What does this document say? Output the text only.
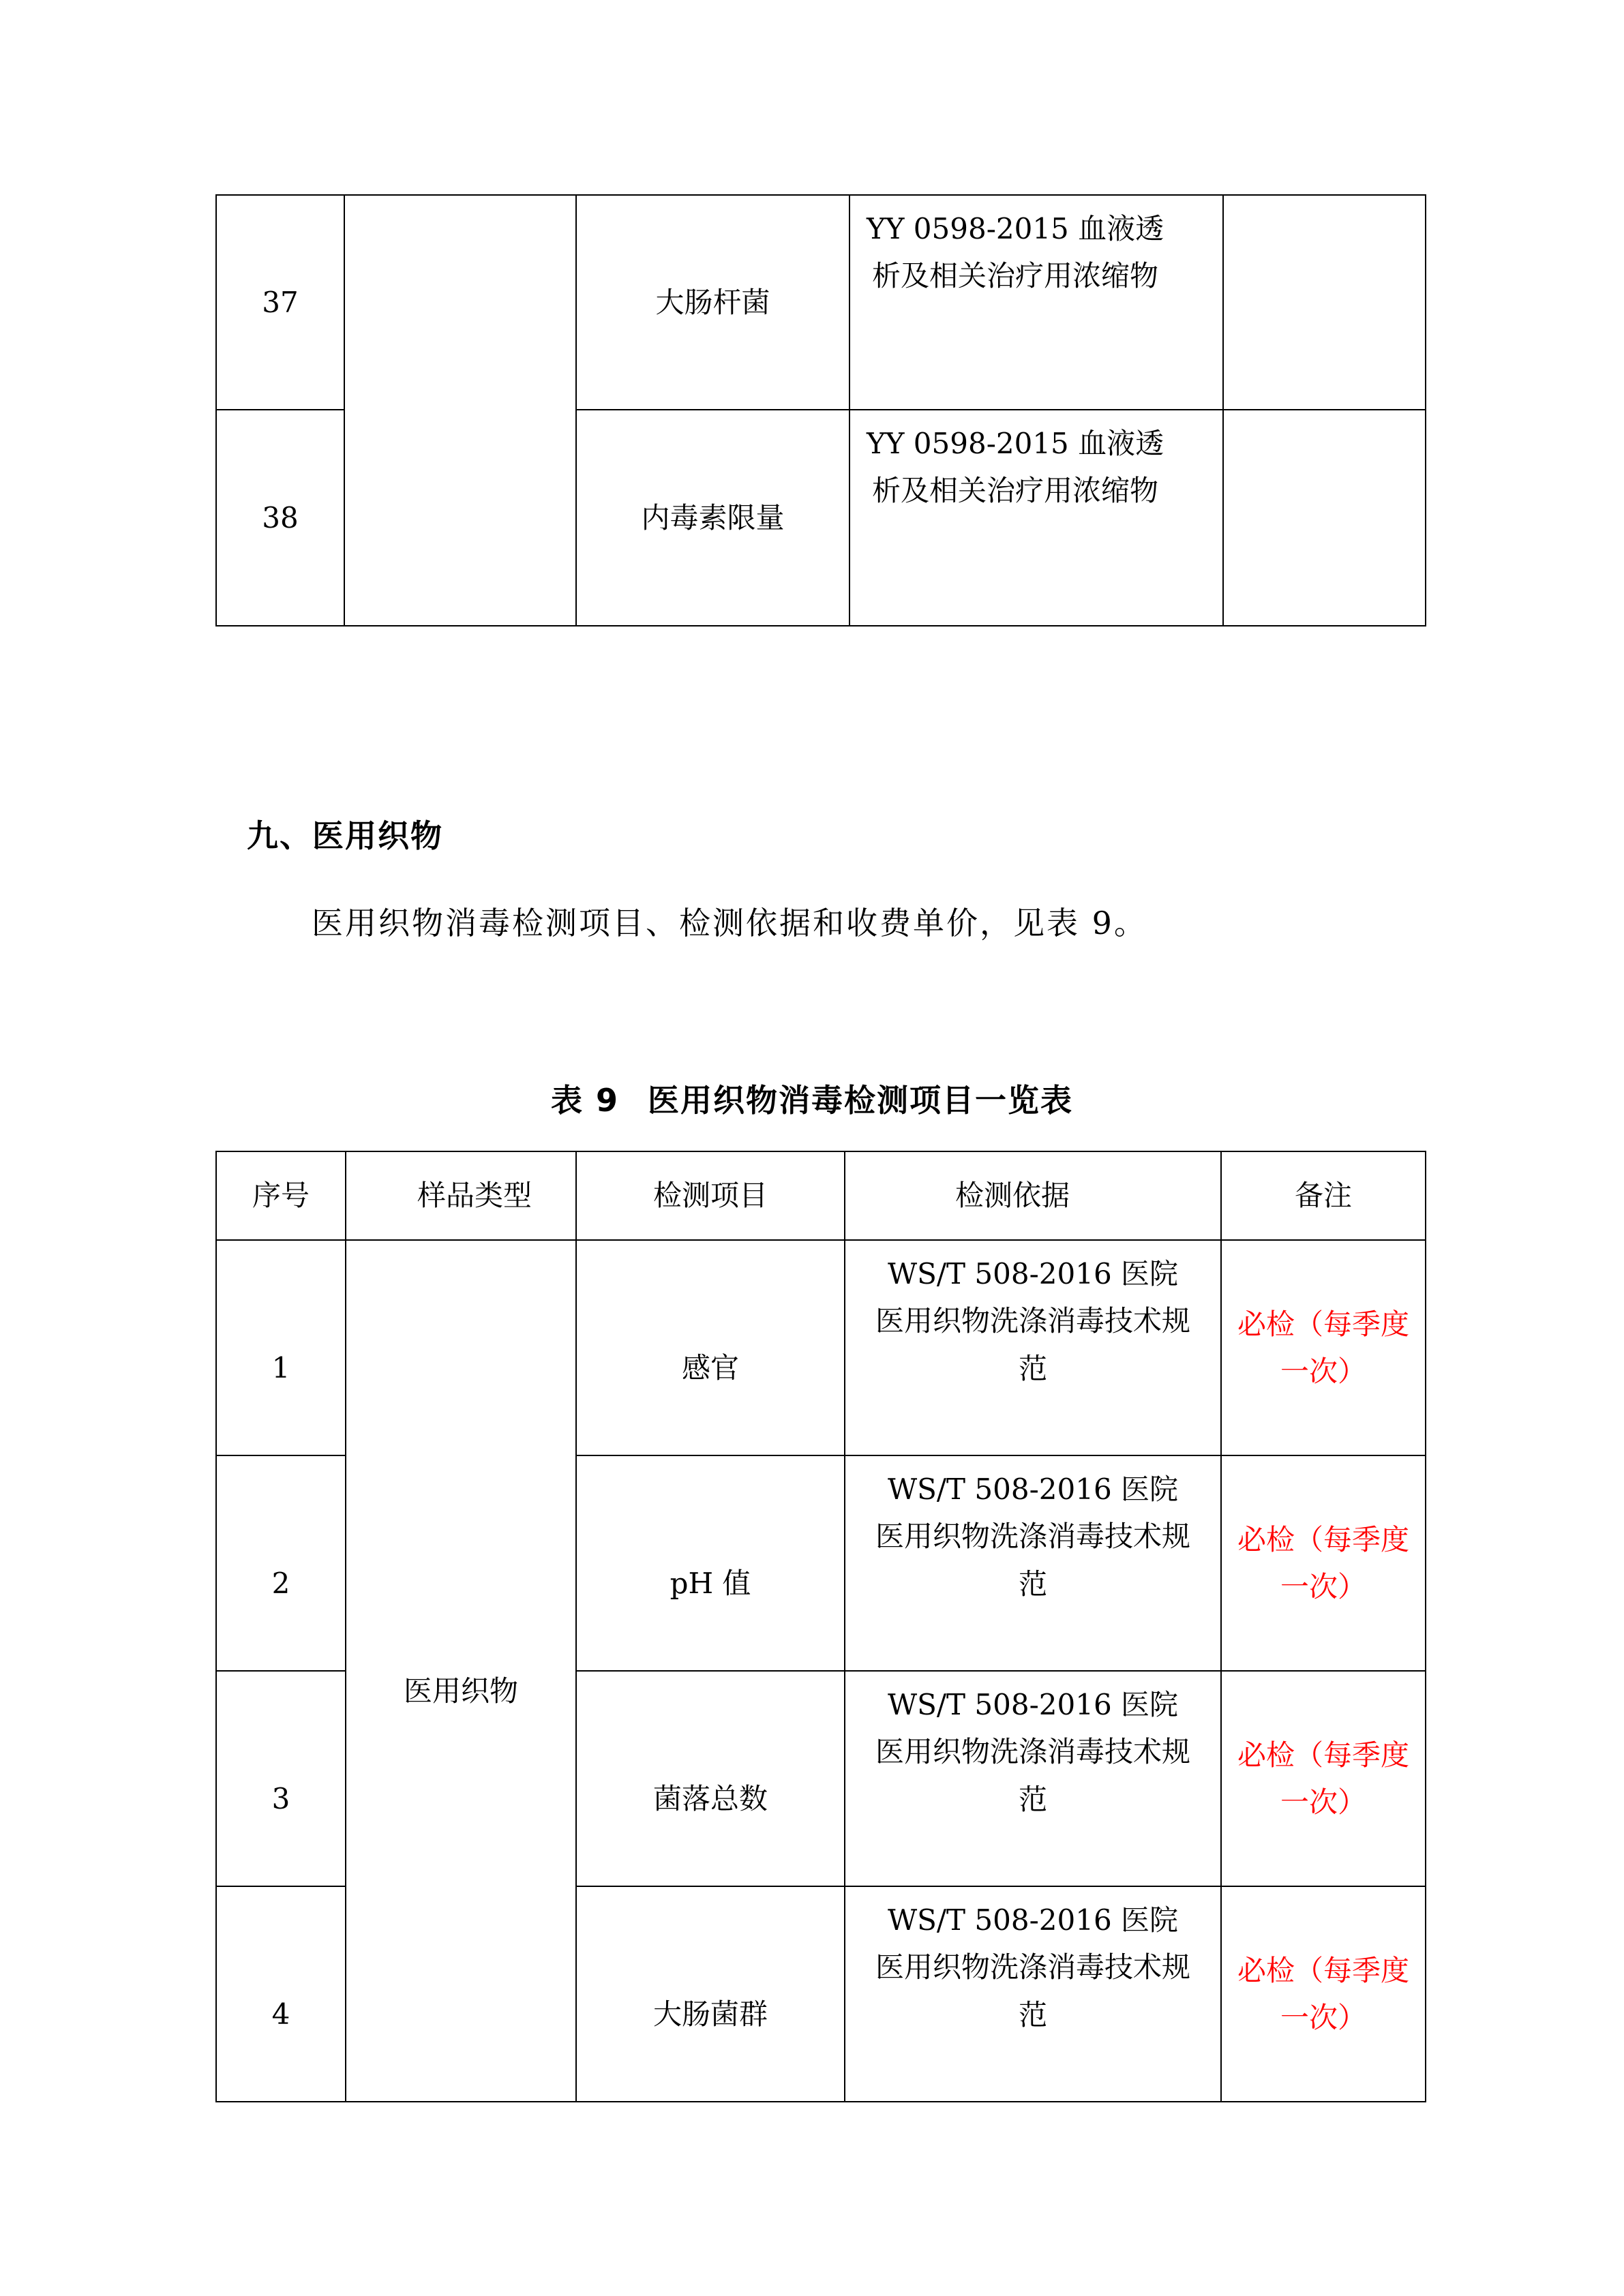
37		大肠杆菌	YY 0598-2015 血液透
析及相关治疗用浓缩物	

38		内毒素限量	YY 0598-2015 血液透
析及相关治疗用浓缩物	

九、医用织物
医用织物消毒检测项目、检测依据和收费单价，见表 9。
表 9 医用织物消毒检测项目一览表
序号	样品类型	检测项目	检测依据	备注
1	医用织物	感官	WS/T 508-2016 医院
医用织物洗涤消毒技术规
范	必检（每季度
一次）

2		pH 值	WS/T 508-2016 医院
医用织物洗涤消毒技术规
范	必检（每季度
一次）

3		菌落总数	WS/T 508-2016 医院
医用织物洗涤消毒技术规
范	必检（每季度
一次）

4		大肠菌群	WS/T 508-2016 医院
医用织物洗涤消毒技术规
范	必检（每季度
一次）
